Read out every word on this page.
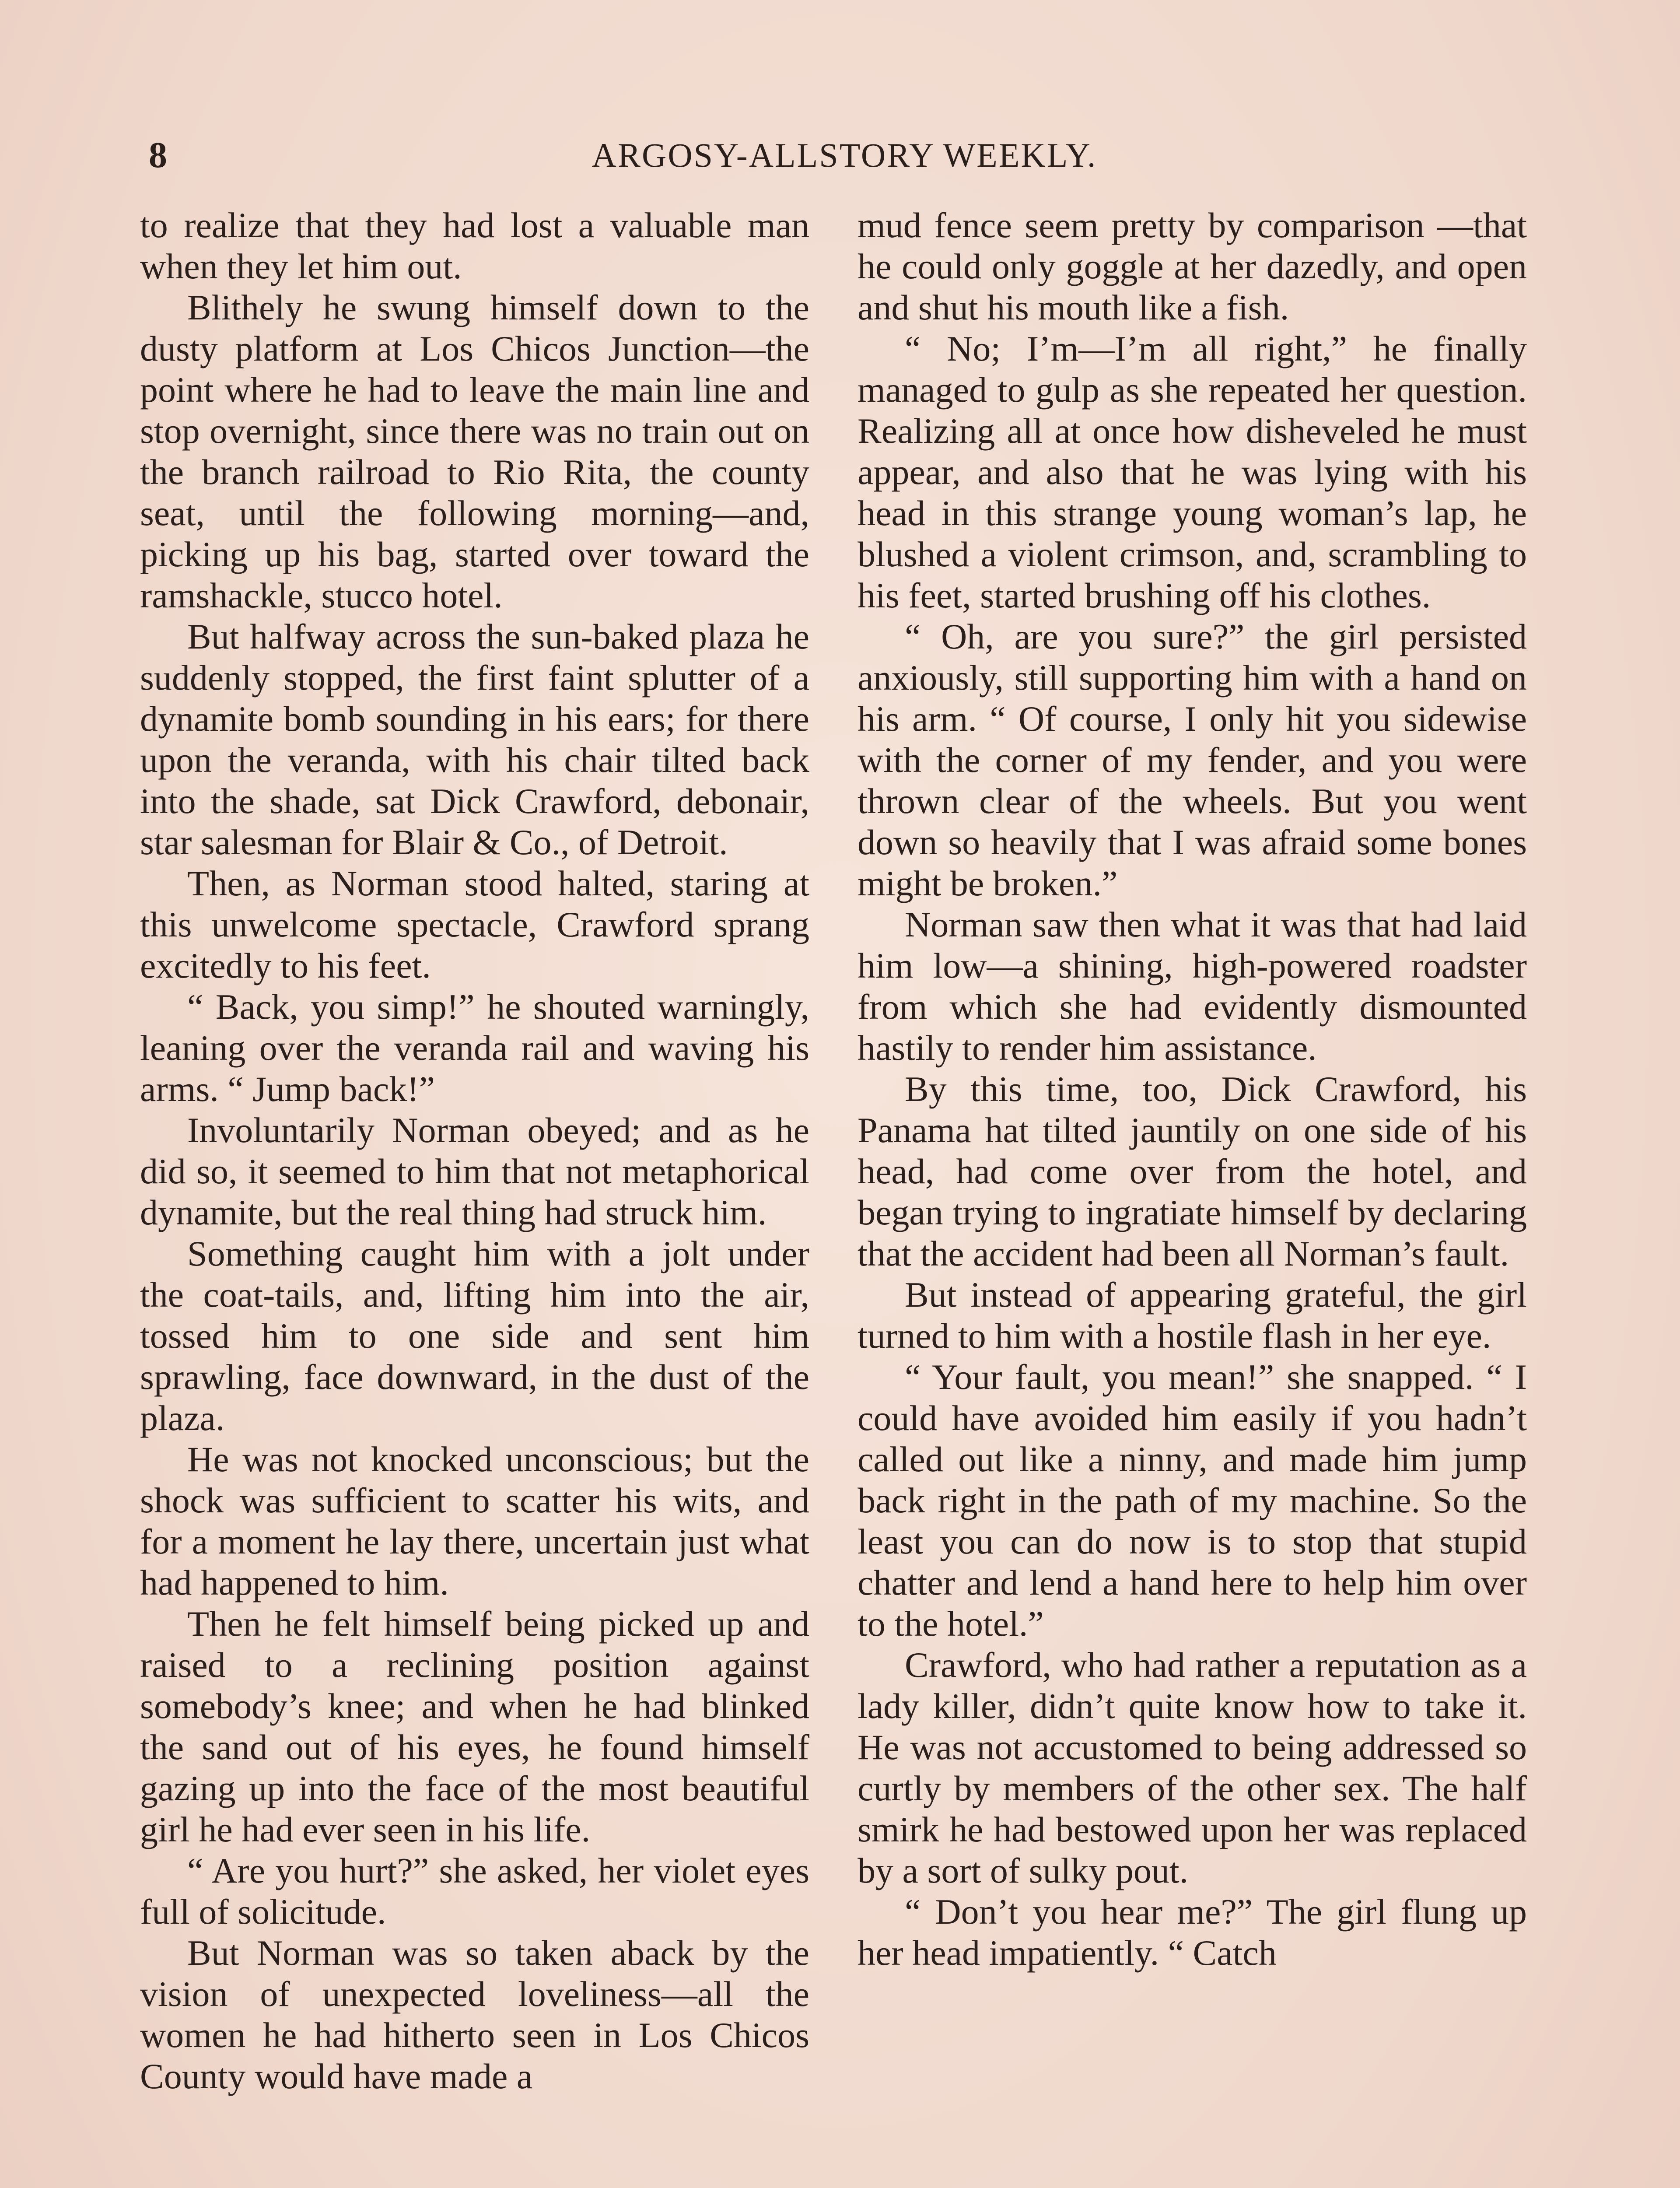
8	ARGOSY-ALLSTORY WEEKLY.

to realize that they had lost a valuable man when they let him out.

Blithely he swung himself down to the dusty platform at Los Chicos Junction—the point where he had to leave the main line and stop overnight, since there was no train out on the branch railroad to Rio Rita, the county seat, until the following morning—and, picking up his bag, started over toward the ramshackle, stucco hotel.

But halfway across the sun-baked plaza he suddenly stopped, the first faint splutter of a dynamite bomb sounding in his ears; for there upon the veranda, with his chair tilted back into the shade, sat Dick Crawford, debonair, star salesman for Blair & Co., of Detroit.

Then, as Norman stood halted, staring at this unwelcome spectacle, Crawford sprang excitedly to his feet.

“ Back, you simp!” he shouted warningly, leaning over the veranda rail and waving his arms. “ Jump back!”

Involuntarily Norman obeyed; and as he did so, it seemed to him that not metaphorical dynamite, but the real thing had struck him.

Something caught him with a jolt under the coat-tails, and, lifting him into the air, tossed him to one side and sent him sprawling, face downward, in the dust of the plaza.

He was not knocked unconscious; but the shock was sufficient to scatter his wits, and for a moment he lay there, uncertain just what had happened to him.

Then he felt himself being picked up and raised to a reclining position against somebody’s knee; and when he had blinked the sand out of his eyes, he found himself gazing up into the face of the most beautiful girl he had ever seen in his life.

“ Are you hurt?” she asked, her violet eyes full of solicitude.

But Norman was so taken aback by the vision of unexpected loveliness—all the women he had hitherto seen in Los Chicos County would have made a

mud fence seem pretty by comparison —that he could only goggle at her dazedly, and open and shut his mouth like a fish.

“ No; I’m—I’m all right,” he finally managed to gulp as she repeated her question. Realizing all at once how disheveled he must appear, and also that he was lying with his head in this strange young woman’s lap, he blushed a violent crimson, and, scrambling to his feet, started brushing off his clothes.

“ Oh, are you sure?” the girl persisted anxiously, still supporting him with a hand on his arm. “ Of course, I only hit you sidewise with the corner of my fender, and you were thrown clear of the wheels. But you went down so heavily that I was afraid some bones might be broken.”

Norman saw then what it was that had laid him low—a shining, high-powered roadster from which she had evidently dismounted hastily to render him assistance.

By this time, too, Dick Crawford, his Panama hat tilted jauntily on one side of his head, had come over from the hotel, and began trying to ingratiate himself by declaring that the accident had been all Norman’s fault.

But instead of appearing grateful, the girl turned to him with a hostile flash in her eye.

“ Your fault, you mean!” she snapped. “ I could have avoided him easily if you hadn’t called out like a ninny, and made him jump back right in the path of my machine. So the least you can do now is to stop that stupid chatter and lend a hand here to help him over to the hotel.”

Crawford, who had rather a reputation as a lady killer, didn’t quite know how to take it. He was not accustomed to being addressed so curtly by members of the other sex. The half smirk he had bestowed upon her was replaced by a sort of sulky pout.

“ Don’t you hear me?” The girl flung up her head impatiently. “ Catch
